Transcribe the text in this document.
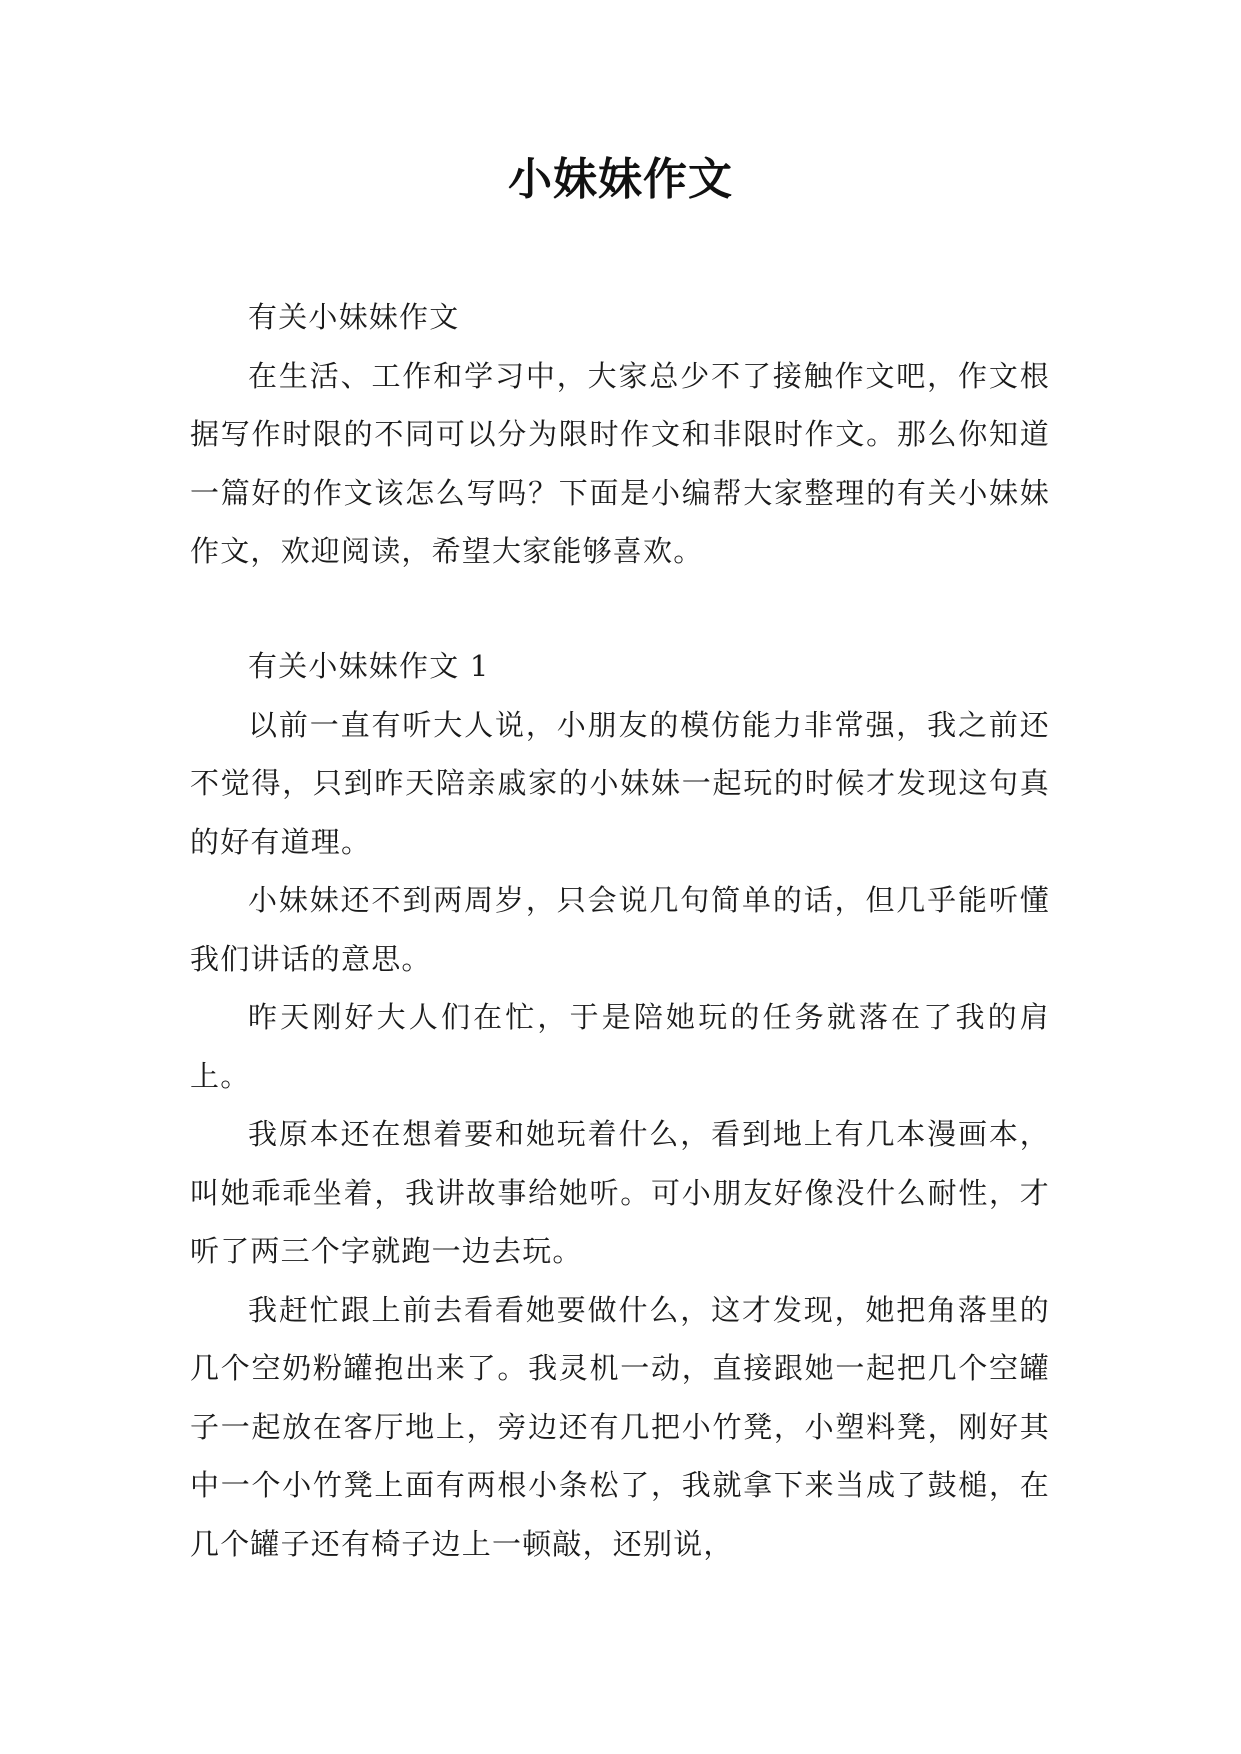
小妹妹作文

有关小妹妹作文

在生活、工作和学习中，大家总少不了接触作文吧，作文根据写作时限的不同可以分为限时作文和非限时作文。那么你知道一篇好的作文该怎么写吗？下面是小编帮大家整理的有关小妹妹作文，欢迎阅读，希望大家能够喜欢。

有关小妹妹作文 1

以前一直有听大人说，小朋友的模仿能力非常强，我之前还不觉得，只到昨天陪亲戚家的小妹妹一起玩的时候才发现这句真的好有道理。

小妹妹还不到两周岁，只会说几句简单的话，但几乎能听懂我们讲话的意思。

昨天刚好大人们在忙，于是陪她玩的任务就落在了我的肩上。

我原本还在想着要和她玩着什么，看到地上有几本漫画本，叫她乖乖坐着，我讲故事给她听。可小朋友好像没什么耐性，才听了两三个字就跑一边去玩。

我赶忙跟上前去看看她要做什么，这才发现，她把角落里的几个空奶粉罐抱出来了。我灵机一动，直接跟她一起把几个空罐子一起放在客厅地上，旁边还有几把小竹凳，小塑料凳，刚好其中一个小竹凳上面有两根小条松了，我就拿下来当成了鼓槌，在几个罐子还有椅子边上一顿敲，还别说，
